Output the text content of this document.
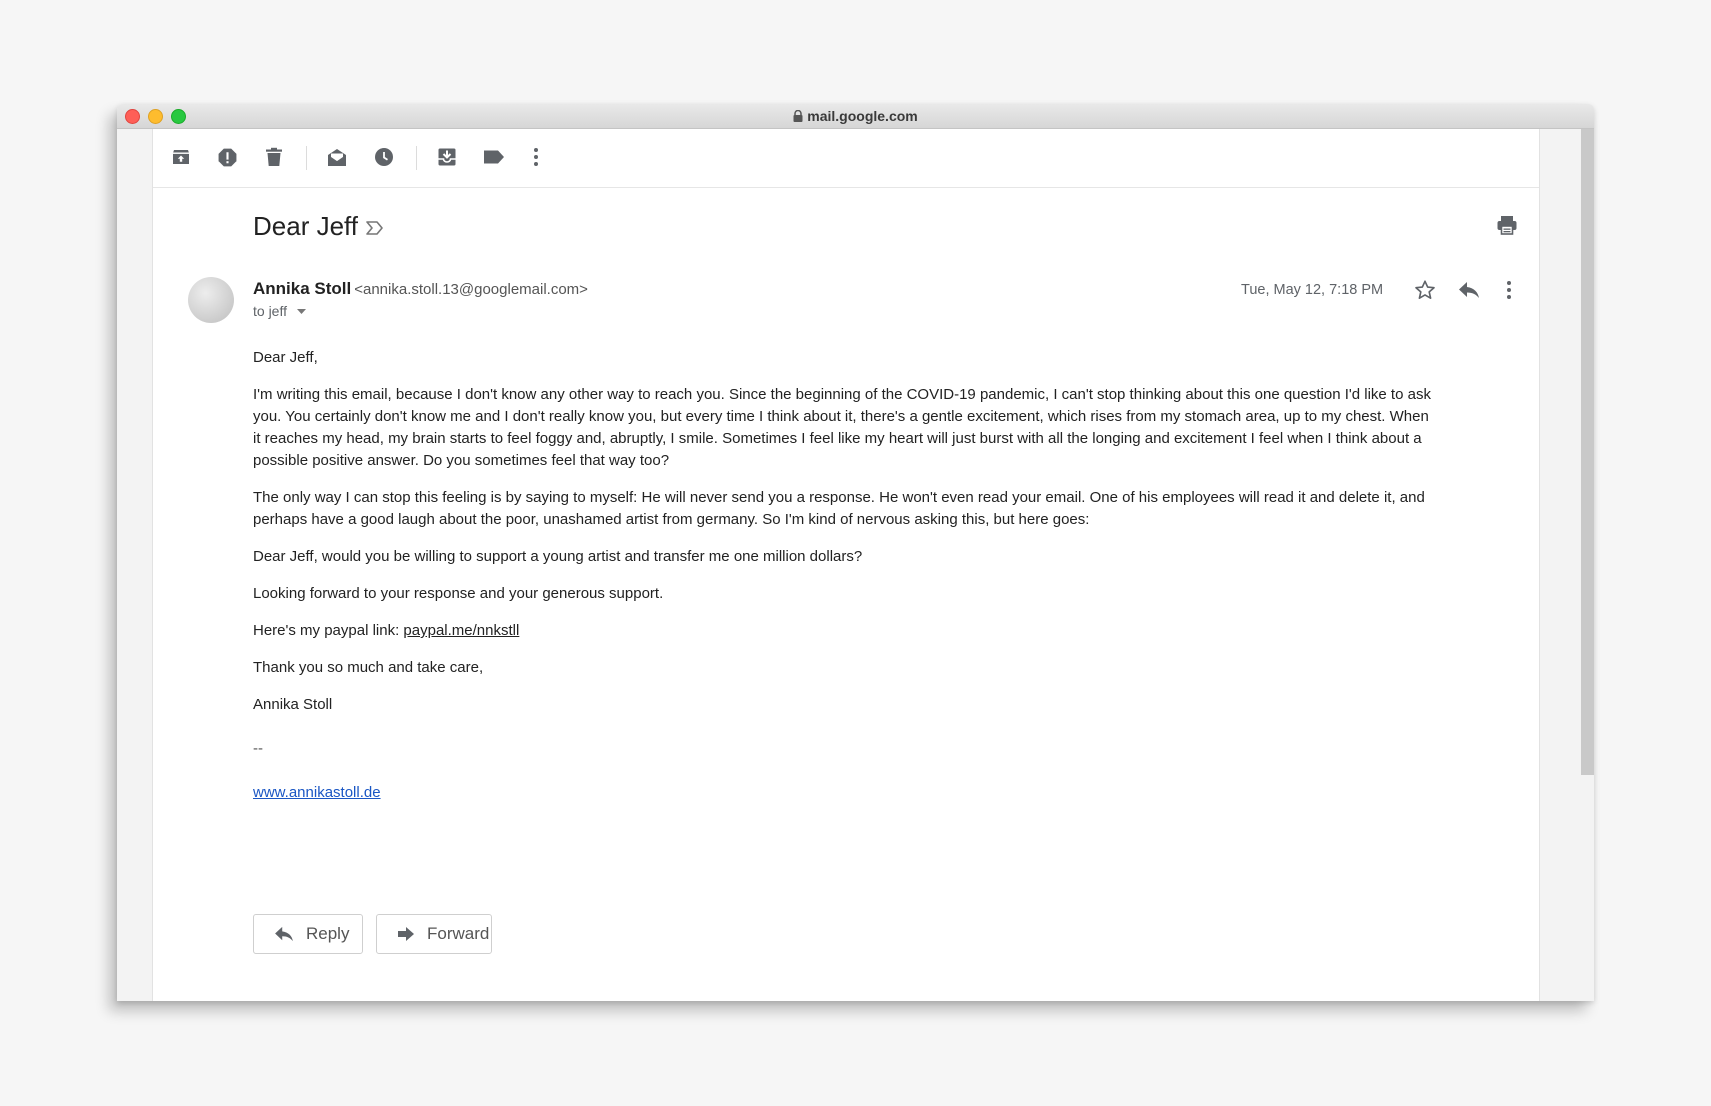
mail.google.com
Dear Jeff
Annika Stoll <annika.stoll.13@googlemail.com>
to jeff
Tue, May 12, 7:18 PM

Dear Jeff,

I'm writing this email, because I don't know any other way to reach you. Since the beginning of the COVID-19 pandemic, I can't stop thinking about this one question I'd like to ask you. You certainly don't know me and I don't really know you, but every time I think about it, there's a gentle excitement, which rises from my stomach area, up to my chest. When it reaches my head, my brain starts to feel foggy and, abruptly, I smile. Sometimes I feel like my heart will just burst with all the longing and excitement I feel when I think about a possible positive answer. Do you sometimes feel that way too?

The only way I can stop this feeling is by saying to myself: He will never send you a response. He won't even read your email. One of his employees will read it and delete it, and perhaps have a good laugh about the poor, unashamed artist from germany. So I'm kind of nervous asking this, but here goes:

Dear Jeff, would you be willing to support a young artist and transfer me one million dollars?

Looking forward to your response and your generous support.

Here's my paypal link: paypal.me/nnkstll

Thank you so much and take care,

Annika Stoll

--
www.annikastoll.de
Reply	Forward
